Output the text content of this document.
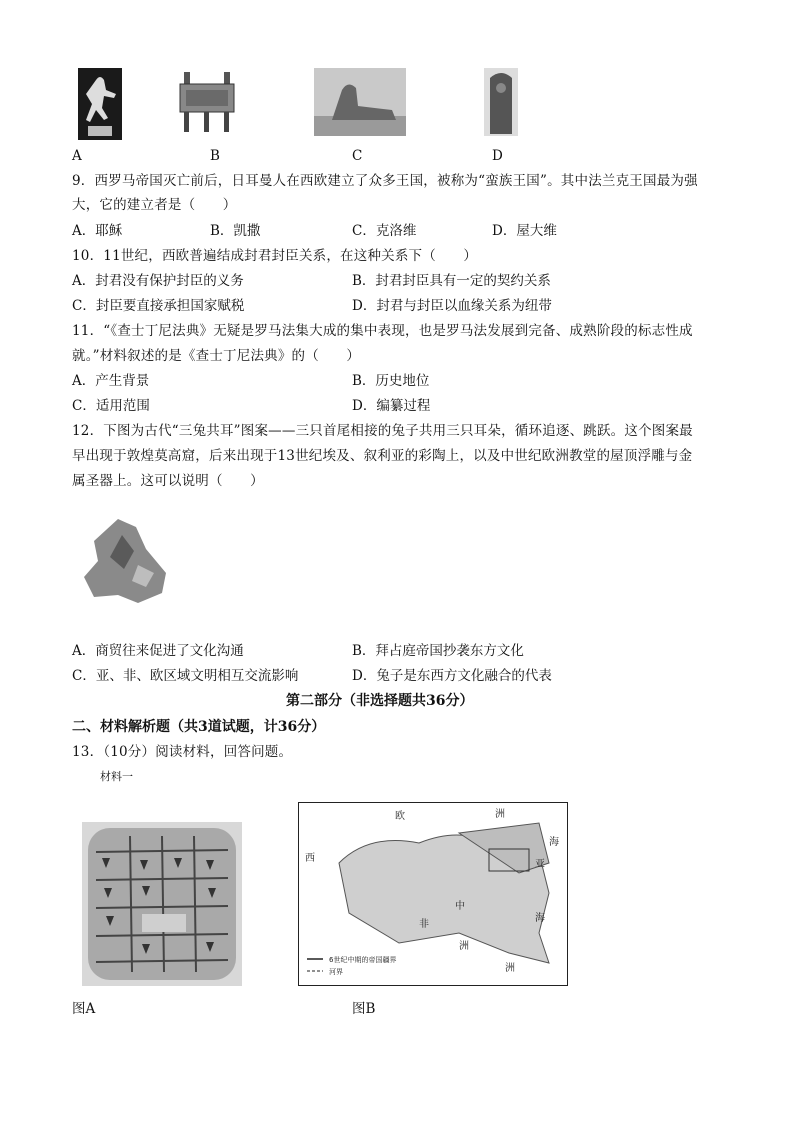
A	B	C	D
9．西罗马帝国灭亡前后，日耳曼人在西欧建立了众多王国，被称为“蛮族王国”。其中法兰克王国最为强
大，它的建立者是（　　）
A．耶稣	B．凯撒	C．克洛维	D．屋大维
10．11世纪，西欧普遍结成封君封臣关系，在这种关系下（　　）
A．封君没有保护封臣的义务	B．封君封臣具有一定的契约关系
C．封臣要直接承担国家赋税	D．封君与封臣以血缘关系为纽带
11．“《查士丁尼法典》无疑是罗马法集大成的集中表现，也是罗马法发展到完备、成熟阶段的标志性成
就。”材料叙述的是《查士丁尼法典》的（　　）
A．产生背景	B．历史地位
C．适用范围	D．编纂过程
12．下图为古代“三兔共耳”图案——三只首尾相接的兔子共用三只耳朵，循环追逐、跳跃。这个图案最
早出现于敦煌莫高窟，后来出现于13世纪埃及、叙利亚的彩陶上，以及中世纪欧洲教堂的屋顶浮雕与金
属圣器上。这可以说明（　　）
A．商贸往来促进了文化沟通	B．拜占庭帝国抄袭东方文化
C．亚、非、欧区域文明相互交流影响	D．兔子是东西方文化融合的代表
第二部分（非选择题共36分）
二、材料解析题（共3道试题，计36分）
13．（10分）阅读材料，回答问题。
材料一
欧	洲
西
亚
非
洲
海
中
海
洲
6世纪中期的帝国疆界
河界
图A	图B
